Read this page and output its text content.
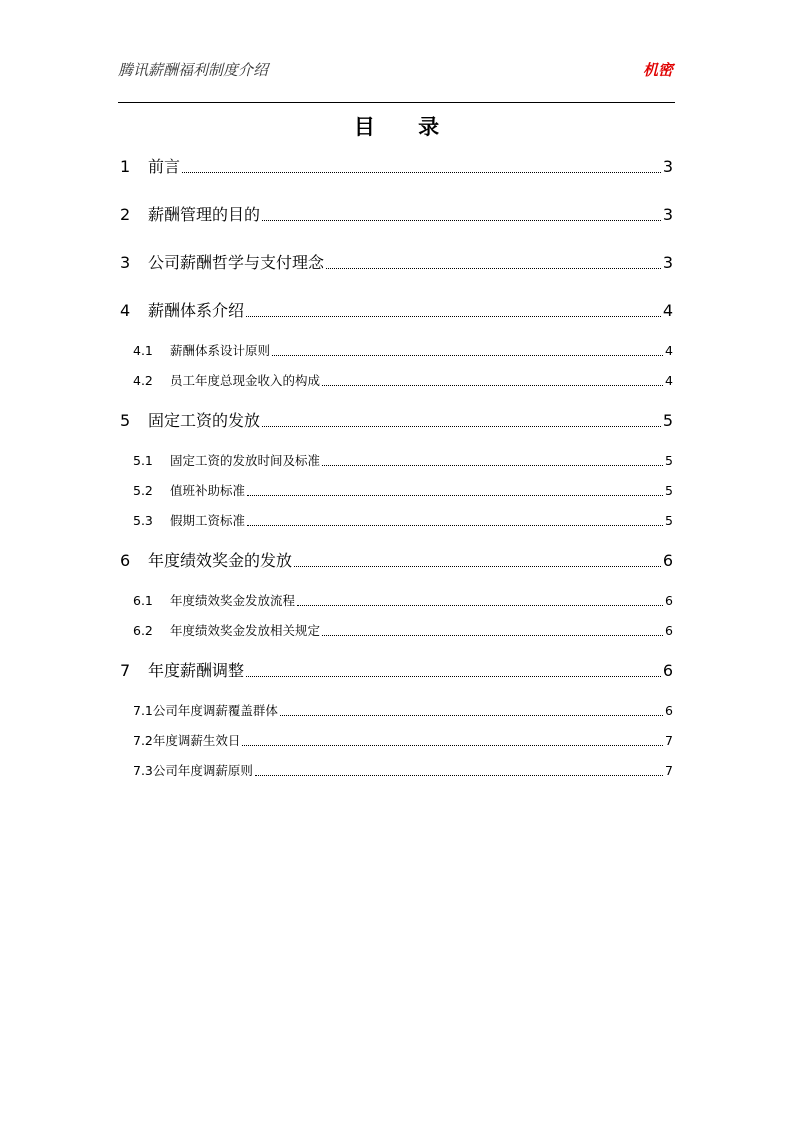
腾讯薪酬福利制度介绍	机密
目 录
1	前言	3
2	薪酬管理的目的	3
3	公司薪酬哲学与支付理念	3
4	薪酬体系介绍	4
4.1	薪酬体系设计原则	4
4.2	员工年度总现金收入的构成	4
5	固定工资的发放	5
5.1	固定工资的发放时间及标准	5
5.2	值班补助标准	5
5.3	假期工资标准	5
6	年度绩效奖金的发放	6
6.1	年度绩效奖金发放流程	6
6.2	年度绩效奖金发放相关规定	6
7	年度薪酬调整	6
7.1 公司年度调薪覆盖群体	6
7.2 年度调薪生效日	7
7.3 公司年度调薪原则	7
